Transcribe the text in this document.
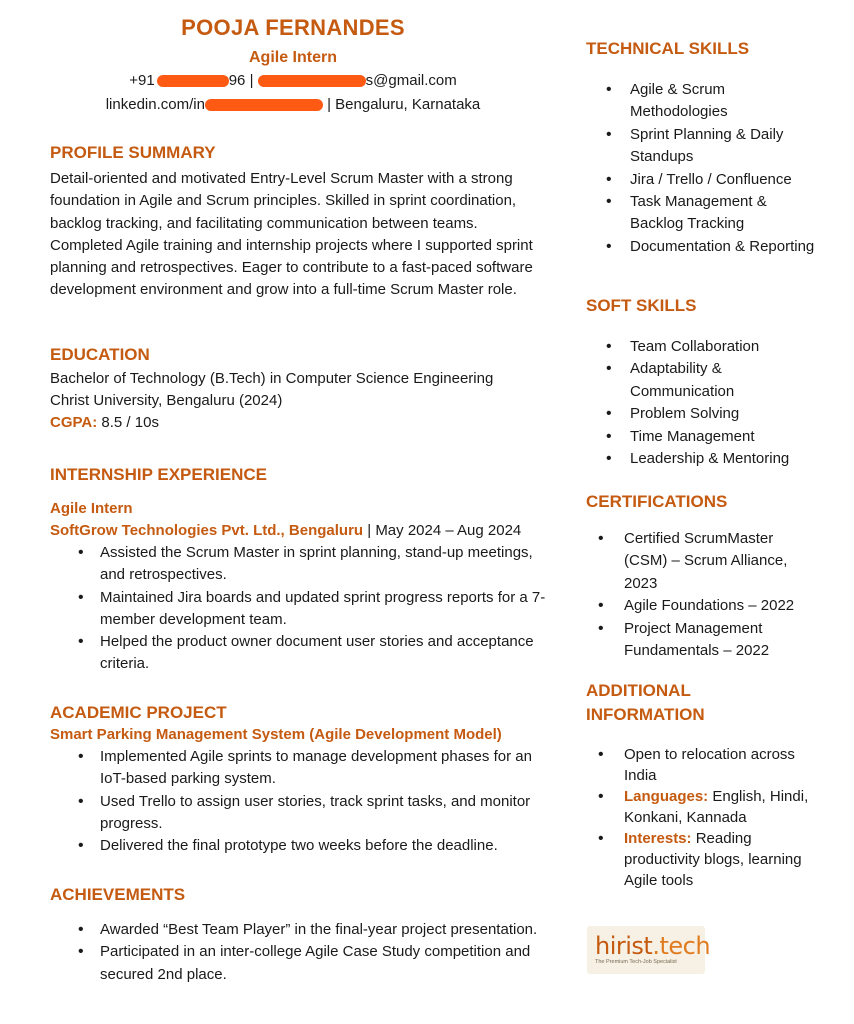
POOJA FERNANDES
Agile Intern
+91	96 |	s@gmail.com
linkedin.com/in	| Bengaluru, Karnataka
PROFILE SUMMARY
Detail-oriented and motivated Entry-Level Scrum Master with a strong foundation in Agile and Scrum principles. Skilled in sprint coordination, backlog tracking, and facilitating communication between teams. Completed Agile training and internship projects where I supported sprint planning and retrospectives. Eager to contribute to a fast-paced software development environment and grow into a full-time Scrum Master role.
EDUCATION
Bachelor of Technology (B.Tech) in Computer Science Engineering
Christ University, Bengaluru (2024)
CGPA: 8.5 / 10s
INTERNSHIP EXPERIENCE
Agile Intern
SoftGrow Technologies Pvt. Ltd., Bengaluru | May 2024 – Aug 2024
• Assisted the Scrum Master in sprint planning, stand-up meetings, and retrospectives.
• Maintained Jira boards and updated sprint progress reports for a 7-member development team.
• Helped the product owner document user stories and acceptance criteria.
ACADEMIC PROJECT
Smart Parking Management System (Agile Development Model)
• Implemented Agile sprints to manage development phases for an IoT-based parking system.
• Used Trello to assign user stories, track sprint tasks, and monitor progress.
• Delivered the final prototype two weeks before the deadline.
ACHIEVEMENTS
• Awarded “Best Team Player” in the final-year project presentation.
• Participated in an inter-college Agile Case Study competition and secured 2nd place.
TECHNICAL SKILLS
• Agile & Scrum Methodologies
• Sprint Planning & Daily Standups
• Jira / Trello / Confluence
• Task Management & Backlog Tracking
• Documentation & Reporting
SOFT SKILLS
• Team Collaboration
• Adaptability & Communication
• Problem Solving
• Time Management
• Leadership & Mentoring
CERTIFICATIONS
• Certified ScrumMaster (CSM) – Scrum Alliance, 2023
• Agile Foundations – 2022
• Project Management Fundamentals – 2022
ADDITIONAL
INFORMATION
• Open to relocation across India
• Languages: English, Hindi, Konkani, Kannada
• Interests: Reading productivity blogs, learning Agile tools
hirist.tech
The Premium Tech-Job Specialist
